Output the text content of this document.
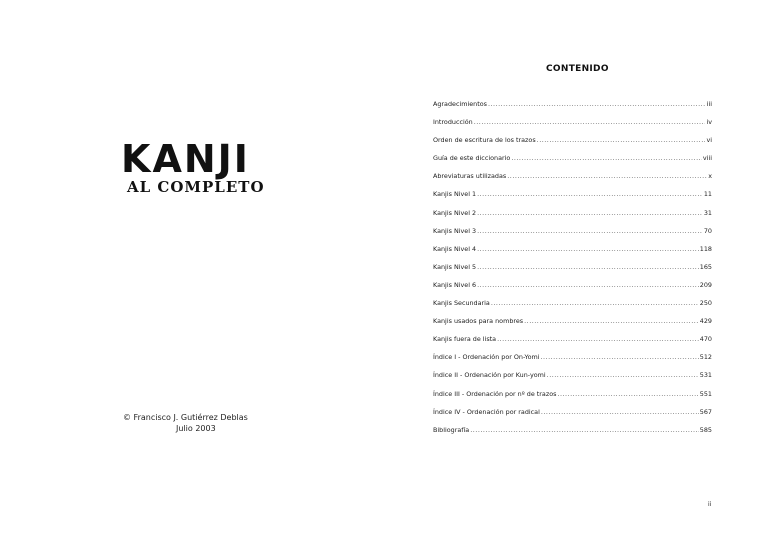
KANJI
AL COMPLETO
© Francisco J. Gutiérrez Deblas
Julio 2003
CONTENIDO
Agradecimientos .....	iii
Introducción .....	iv
Orden de escritura de los trazos .....	vi
Guía de este diccionario .....	viii
Abreviaturas utilizadas .....	x
Kanjis Nivel 1 .....	11
Kanjis Nivel 2 .....	31
Kanjis Nivel 3 .....	70
Kanjis Nivel 4 .....	118
Kanjis Nivel 5 .....	165
Kanjis Nivel 6 .....	209
Kanjis Secundaria .....	250
Kanjis usados para nombres .....	429
Kanjis fuera de lista .....	470
Índice I - Ordenación por On-Yomi .....	512
Índice II - Ordenación por Kun-yomi .....	531
Índice III - Ordenación por nº de trazos .....	551
Índice IV - Ordenación por radical .....	567
Bibliografía .....	585
ii
